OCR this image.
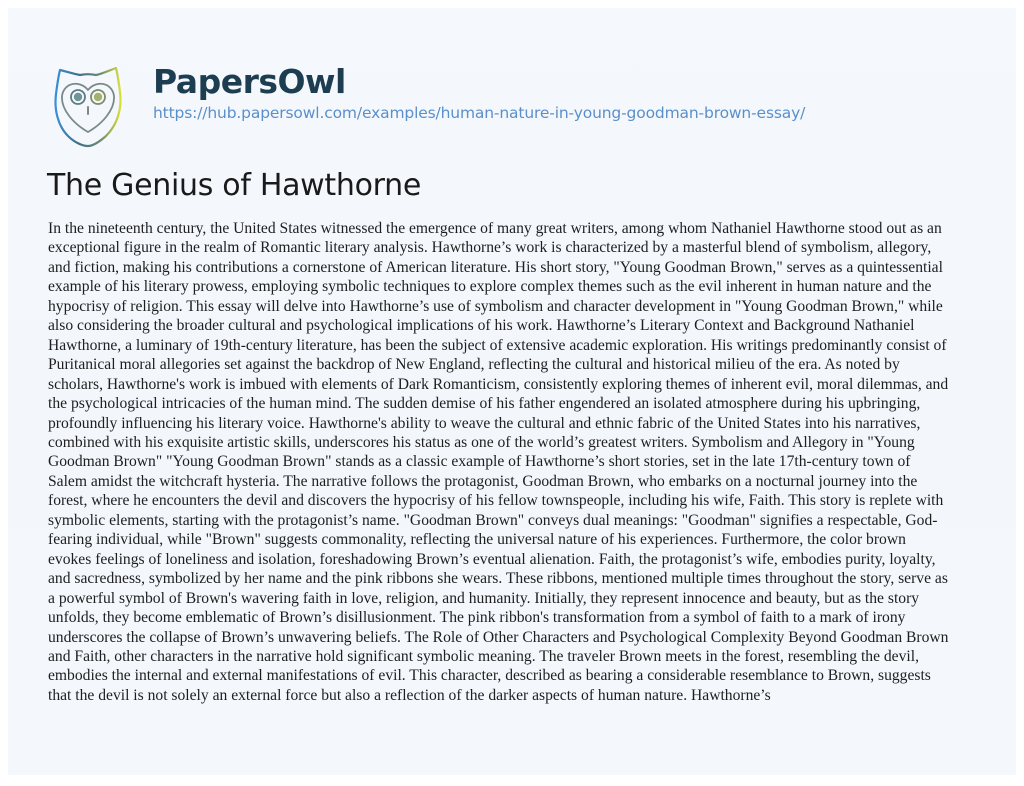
PapersOwl
https://hub.papersowl.com/examples/human-nature-in-young-goodman-brown-essay/
The Genius of Hawthorne
In the nineteenth century, the United States witnessed the emergence of many great writers, among whom Nathaniel Hawthorne stood out as an
exceptional figure in the realm of Romantic literary analysis. Hawthorne’s work is characterized by a masterful blend of symbolism, allegory,
and fiction, making his contributions a cornerstone of American literature. His short story, "Young Goodman Brown," serves as a quintessential
example of his literary prowess, employing symbolic techniques to explore complex themes such as the evil inherent in human nature and the
hypocrisy of religion. This essay will delve into Hawthorne’s use of symbolism and character development in "Young Goodman Brown," while
also considering the broader cultural and psychological implications of his work. Hawthorne’s Literary Context and Background Nathaniel
Hawthorne, a luminary of 19th-century literature, has been the subject of extensive academic exploration. His writings predominantly consist of
Puritanical moral allegories set against the backdrop of New England, reflecting the cultural and historical milieu of the era. As noted by
scholars, Hawthorne's work is imbued with elements of Dark Romanticism, consistently exploring themes of inherent evil, moral dilemmas, and
the psychological intricacies of the human mind. The sudden demise of his father engendered an isolated atmosphere during his upbringing,
profoundly influencing his literary voice. Hawthorne's ability to weave the cultural and ethnic fabric of the United States into his narratives,
combined with his exquisite artistic skills, underscores his status as one of the world’s greatest writers. Symbolism and Allegory in "Young
Goodman Brown" "Young Goodman Brown" stands as a classic example of Hawthorne’s short stories, set in the late 17th-century town of
Salem amidst the witchcraft hysteria. The narrative follows the protagonist, Goodman Brown, who embarks on a nocturnal journey into the
forest, where he encounters the devil and discovers the hypocrisy of his fellow townspeople, including his wife, Faith. This story is replete with
symbolic elements, starting with the protagonist’s name. "Goodman Brown" conveys dual meanings: "Goodman" signifies a respectable, God-
fearing individual, while "Brown" suggests commonality, reflecting the universal nature of his experiences. Furthermore, the color brown
evokes feelings of loneliness and isolation, foreshadowing Brown’s eventual alienation. Faith, the protagonist’s wife, embodies purity, loyalty,
and sacredness, symbolized by her name and the pink ribbons she wears. These ribbons, mentioned multiple times throughout the story, serve as
a powerful symbol of Brown's wavering faith in love, religion, and humanity. Initially, they represent innocence and beauty, but as the story
unfolds, they become emblematic of Brown’s disillusionment. The pink ribbon's transformation from a symbol of faith to a mark of irony
underscores the collapse of Brown’s unwavering beliefs. The Role of Other Characters and Psychological Complexity Beyond Goodman Brown
and Faith, other characters in the narrative hold significant symbolic meaning. The traveler Brown meets in the forest, resembling the devil,
embodies the internal and external manifestations of evil. This character, described as bearing a considerable resemblance to Brown, suggests
that the devil is not solely an external force but also a reflection of the darker aspects of human nature. Hawthorne’s
